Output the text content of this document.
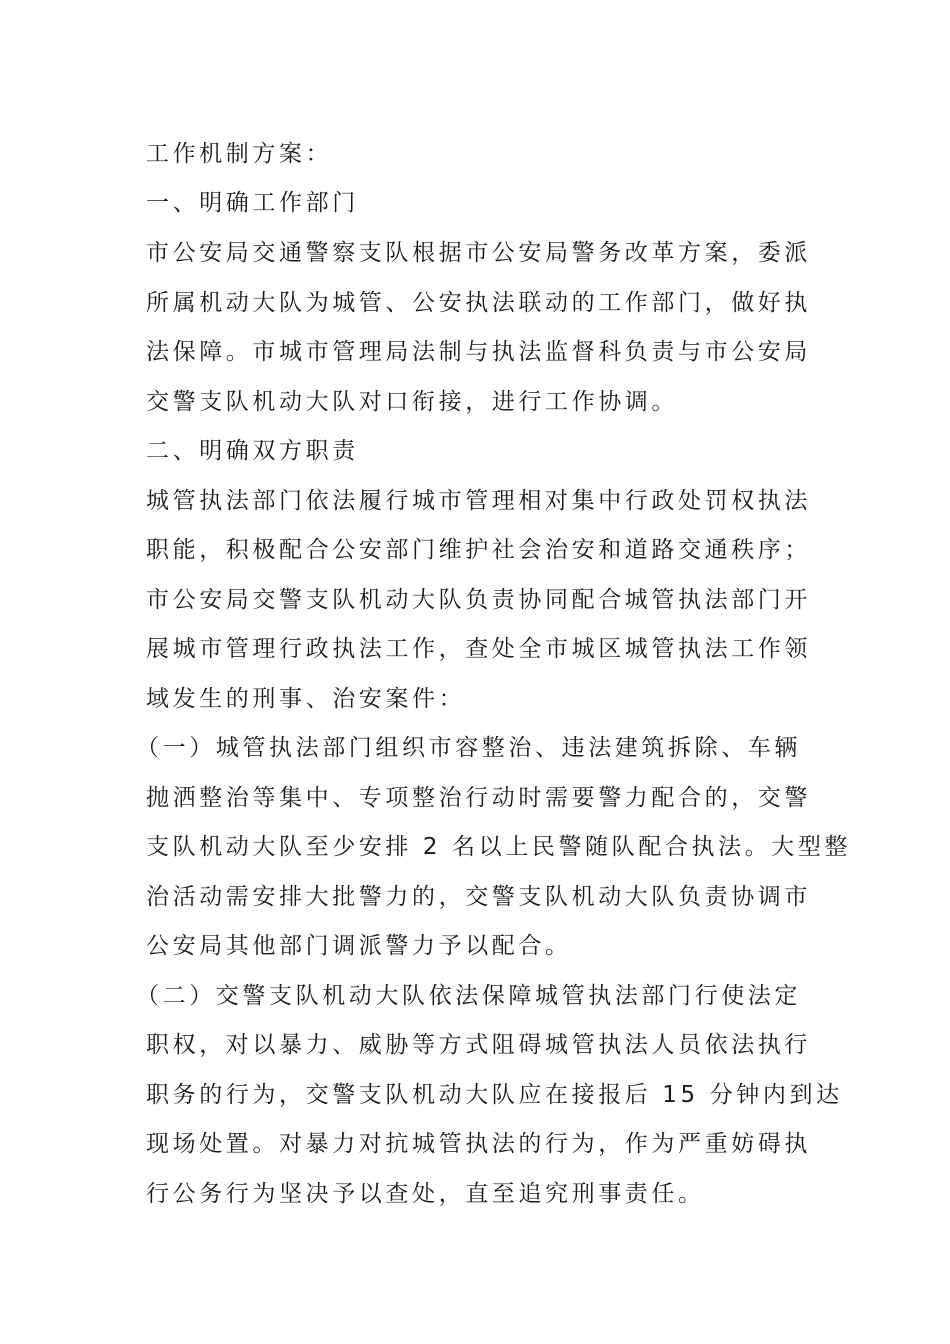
工作机制方案：
一、明确工作部门
市公安局交通警察支队根据市公安局警务改革方案，委派
所属机动大队为城管、公安执法联动的工作部门，做好执
法保障。市城市管理局法制与执法监督科负责与市公安局
交警支队机动大队对口衔接，进行工作协调。
二、明确双方职责
城管执法部门依法履行城市管理相对集中行政处罚权执法
职能，积极配合公安部门维护社会治安和道路交通秩序；
市公安局交警支队机动大队负责协同配合城管执法部门开
展城市管理行政执法工作，查处全市城区城管执法工作领
域发生的刑事、治安案件：
（一）城管执法部门组织市容整治、违法建筑拆除、车辆
抛洒整治等集中、专项整治行动时需要警力配合的，交警
支队机动大队至少安排 2 名以上民警随队配合执法。大型整
治活动需安排大批警力的，交警支队机动大队负责协调市
公安局其他部门调派警力予以配合。
（二）交警支队机动大队依法保障城管执法部门行使法定
职权，对以暴力、威胁等方式阻碍城管执法人员依法执行
职务的行为，交警支队机动大队应在接报后 15 分钟内到达
现场处置。对暴力对抗城管执法的行为，作为严重妨碍执
行公务行为坚决予以查处，直至追究刑事责任。
